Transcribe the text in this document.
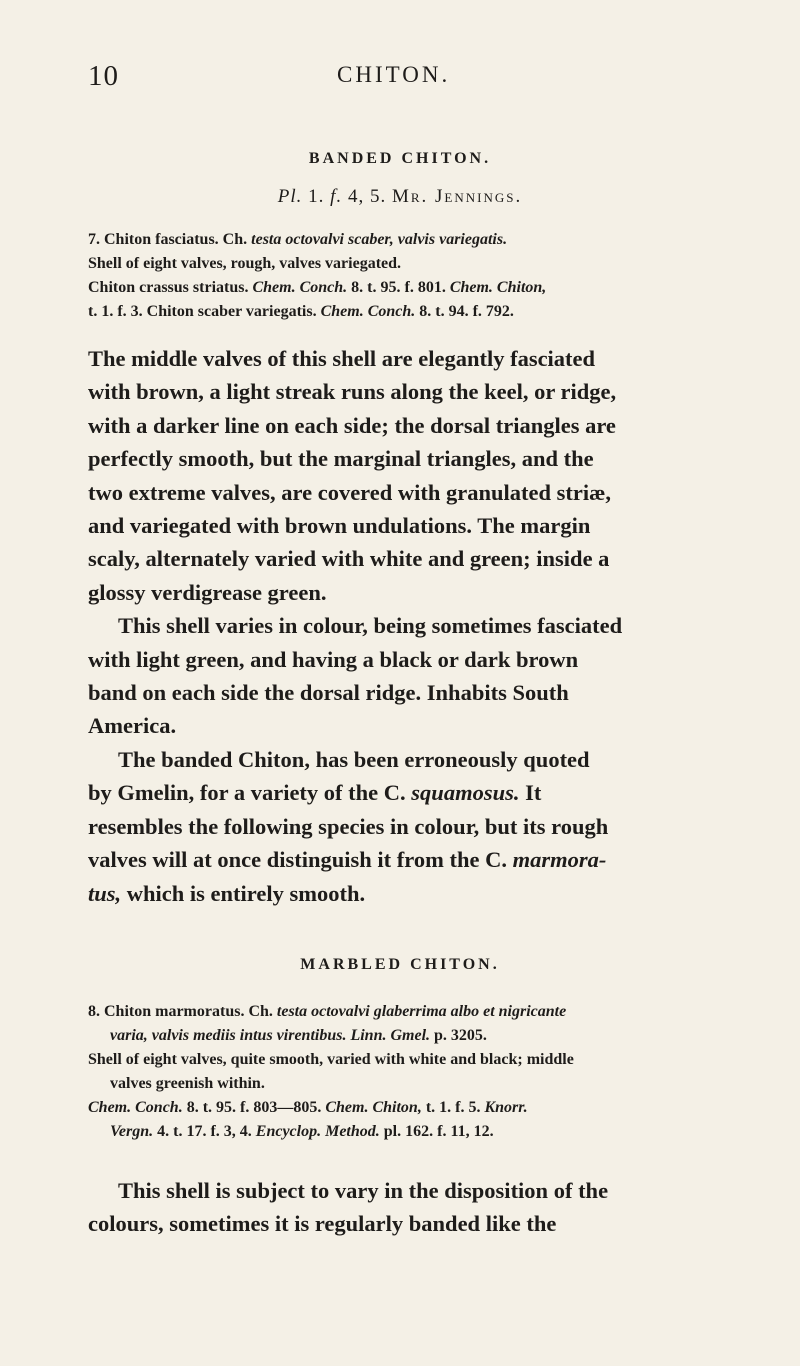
10	CHITON.
BANDED CHITON.
Pl. 1. f. 4, 5. Mr. Jennings.
7. Chiton fasciatus. Ch. testa octovalvi scaber, valvis variegatis.
Shell of eight valves, rough, valves variegated.
Chiton crassus striatus. Chem. Conch. 8. t. 95. f. 801. Chem. Chiton,
t. 1. f. 3. Chiton scaber variegatis. Chem. Conch. 8. t. 94. f. 792.
The middle valves of this shell are elegantly fasciated
with brown, a light streak runs along the keel, or ridge,
with a darker line on each side; the dorsal triangles are
perfectly smooth, but the marginal triangles, and the
two extreme valves, are covered with granulated striæ,
and variegated with brown undulations. The margin
scaly, alternately varied with white and green; inside a
glossy verdigrease green.
This shell varies in colour, being sometimes fasciated
with light green, and having a black or dark brown
band on each side the dorsal ridge. Inhabits South
America.
The banded Chiton, has been erroneously quoted
by Gmelin, for a variety of the C. squamosus. It
resembles the following species in colour, but its rough
valves will at once distinguish it from the C. marmora-
tus, which is entirely smooth.
MARBLED CHITON.
8. Chiton marmoratus. Ch. testa octovalvi glaberrima albo et nigricante
varia, valvis mediis intus virentibus. Linn. Gmel. p. 3205.
Shell of eight valves, quite smooth, varied with white and black; middle
valves greenish within.
Chem. Conch. 8. t. 95. f. 803—805. Chem. Chiton, t. 1. f. 5. Knorr.
Vergn. 4. t. 17. f. 3, 4. Encyclop. Method. pl. 162. f. 11, 12.
This shell is subject to vary in the disposition of the
colours, sometimes it is regularly banded like the
